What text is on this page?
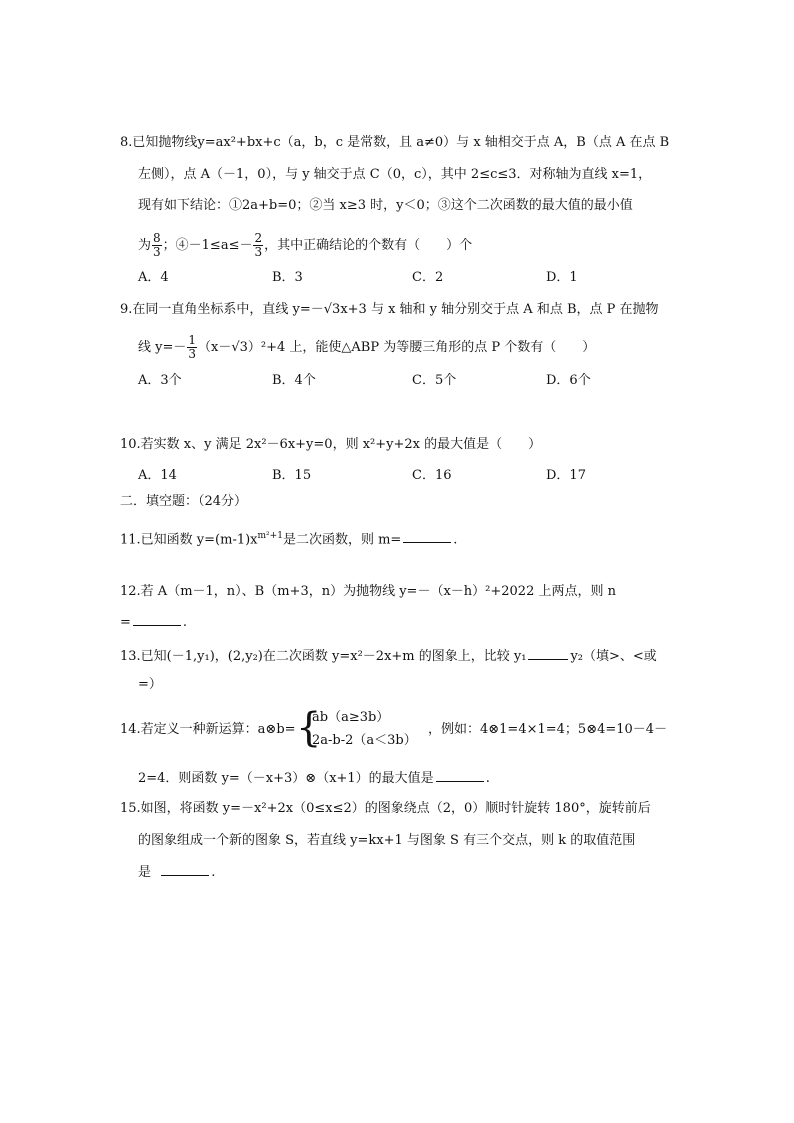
8.已知抛物线y=ax²+bx+c（a，b，c 是常数，且 a≠0）与 x 轴相交于点 A，B（点 A 在点 B
左侧），点 A（－1，0），与 y 轴交于点 C（0，c），其中 2≤c≤3．对称轴为直线 x=1，
现有如下结论：①2a+b=0；②当 x≥3 时，y＜0；③这个二次函数的最大值的最小值
为 $\frac{8}{3}$ ；④－1≤a≤－ $\frac{2}{3}$ ，其中正确结论的个数有（　　）个
A．4	B．3	C．2	D．1
9.在同一直角坐标系中，直线 y=－√3x+3 与 x 轴和 y 轴分别交于点 A 和点 B，点 P 在抛物
线 $y=- \frac{1}{3} (x-√3)^2+4$ 上，能使△ABP 为等腰三角形的点 P 个数有（　　）
A．3个	B．4个	C．5个	D．6个
10.若实数 x、y 满足 2x²－6x+y=0，则 x²+y+2x 的最大值是（　　）
A．14	B．15	C．16	D．17
二．填空题：（24分）
11.已知函数 $y=(m-1)x^{m^2+1}$是二次函数，则 m=	.
12.若 A（m－1，n）、B（m+3，n）为抛物线 y=－（x－h）²+2022 上两点，则 n
=	.
13.已知(－1,y₁)，(2,y₂)在二次函数 y=x²－2x+m 的图象上，比较 y₁	y₂（填>、<或
=）
14.若定义一种新运算：a⊗b= {
ab（a≥3b）
2a-b-2（a＜3b）
，例如：4⊗1=4×1=4；5⊗4=10－4－
2=4．则函数 y=（－x+3）⊗（x+1）的最大值是	.
15.如图，将函数 y=－x²+2x（0≤x≤2）的图象绕点（2，0）顺时针旋转 180°，旋转前后
的图象组成一个新的图象 S，若直线 y=kx+1 与图象 S 有三个交点，则 k 的取值范围
是	.
